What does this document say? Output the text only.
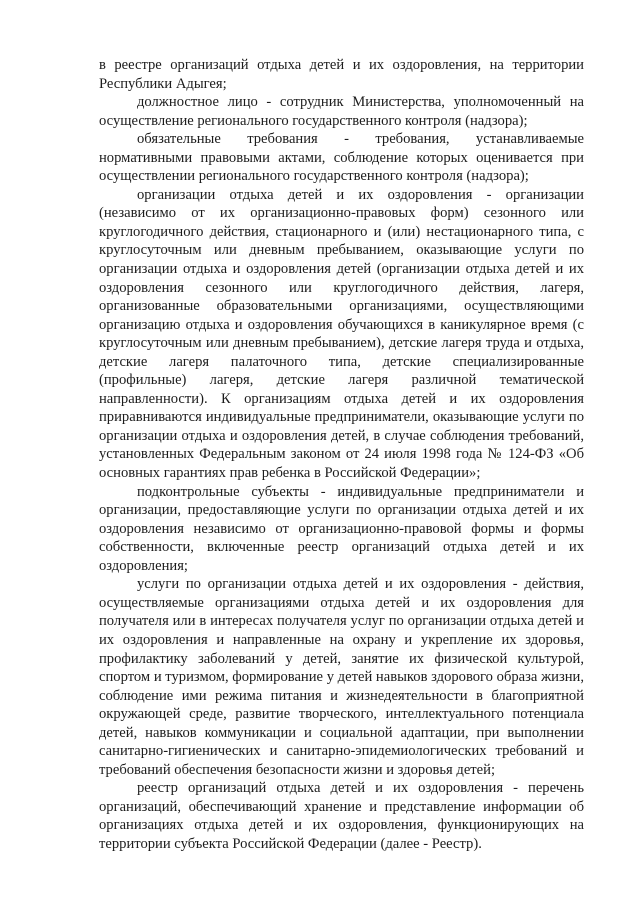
в реестре организаций отдыха детей и их оздоровления, на территории Республики Адыгея;

должностное лицо - сотрудник Министерства, уполномоченный на осуществление регионального государственного контроля (надзора);

обязательные требования - требования, устанавливаемые нормативными правовыми актами, соблюдение которых оценивается при осуществлении регионального государственного контроля (надзора);

организации отдыха детей и их оздоровления - организации (независимо от их организационно-правовых форм) сезонного или круглогодичного действия, стационарного и (или) нестационарного типа, с круглосуточным или дневным пребыванием, оказывающие услуги по организации отдыха и оздоровления детей (организации отдыха детей и их оздоровления сезонного или круглогодичного действия, лагеря, организованные образовательными организациями, осуществляющими организацию отдыха и оздоровления обучающихся в каникулярное время (с круглосуточным или дневным пребыванием), детские лагеря труда и отдыха, детские лагеря палаточного типа, детские специализированные (профильные) лагеря, детские лагеря различной тематической направленности). К организациям отдыха детей и их оздоровления приравниваются индивидуальные предприниматели, оказывающие услуги по организации отдыха и оздоровления детей, в случае соблюдения требований, установленных Федеральным законом от 24 июля 1998 года № 124-ФЗ «Об основных гарантиях прав ребенка в Российской Федерации»;

подконтрольные субъекты - индивидуальные предприниматели и организации, предоставляющие услуги по организации отдыха детей и их оздоровления независимо от организационно-правовой формы и формы собственности, включенные реестр организаций отдыха детей и их оздоровления;

услуги по организации отдыха детей и их оздоровления - действия, осуществляемые организациями отдыха детей и их оздоровления для получателя или в интересах получателя услуг по организации отдыха детей и их оздоровления и направленные на охрану и укрепление их здоровья, профилактику заболеваний у детей, занятие их физической культурой, спортом и туризмом, формирование у детей навыков здорового образа жизни, соблюдение ими режима питания и жизнедеятельности в благоприятной окружающей среде, развитие творческого, интеллектуального потенциала детей, навыков коммуникации и социальной адаптации, при выполнении санитарно-гигиенических и санитарно-эпидемиологических требований и требований обеспечения безопасности жизни и здоровья детей;

реестр организаций отдыха детей и их оздоровления - перечень организаций, обеспечивающий хранение и представление информации об организациях отдыха детей и их оздоровления, функционирующих на территории субъекта Российской Федерации (далее - Реестр).
